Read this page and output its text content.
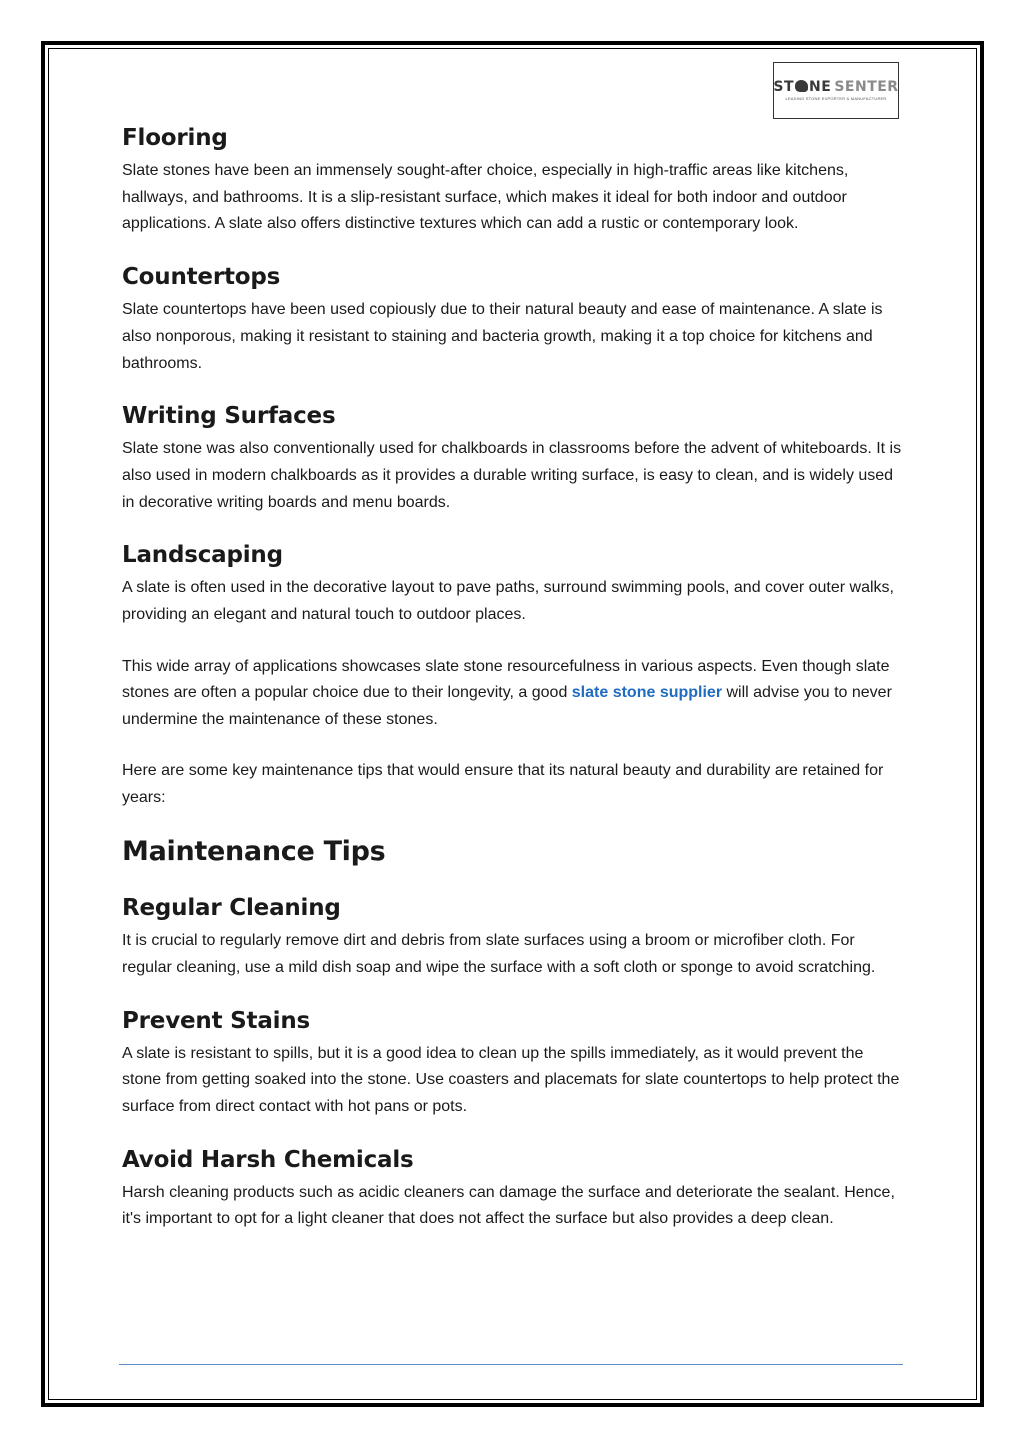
ST NE SENTER
LEADING STONE EXPORTER & MANUFACTURER
Flooring

Slate stones have been an immensely sought-after choice, especially in high-traffic areas like kitchens, hallways, and bathrooms. It is a slip-resistant surface, which makes it ideal for both indoor and outdoor applications. A slate also offers distinctive textures which can add a rustic or contemporary look.

Countertops

Slate countertops have been used copiously due to their natural beauty and ease of maintenance. A slate is also nonporous, making it resistant to staining and bacteria growth, making it a top choice for kitchens and bathrooms.

Writing Surfaces

Slate stone was also conventionally used for chalkboards in classrooms before the advent of whiteboards. It is also used in modern chalkboards as it provides a durable writing surface, is easy to clean, and is widely used in decorative writing boards and menu boards.

Landscaping

A slate is often used in the decorative layout to pave paths, surround swimming pools, and cover outer walks, providing an elegant and natural touch to outdoor places.

This wide array of applications showcases slate stone resourcefulness in various aspects. Even though slate stones are often a popular choice due to their longevity, a good slate stone supplier will advise you to never undermine the maintenance of these stones.

Here are some key maintenance tips that would ensure that its natural beauty and durability are retained for years:

Maintenance Tips
Regular Cleaning

It is crucial to regularly remove dirt and debris from slate surfaces using a broom or microfiber cloth. For regular cleaning, use a mild dish soap and wipe the surface with a soft cloth or sponge to avoid scratching.

Prevent Stains

A slate is resistant to spills, but it is a good idea to clean up the spills immediately, as it would prevent the stone from getting soaked into the stone. Use coasters and placemats for slate countertops to help protect the surface from direct contact with hot pans or pots.

Avoid Harsh Chemicals

Harsh cleaning products such as acidic cleaners can damage the surface and deteriorate the sealant. Hence, it's important to opt for a light cleaner that does not affect the surface but also provides a deep clean.
